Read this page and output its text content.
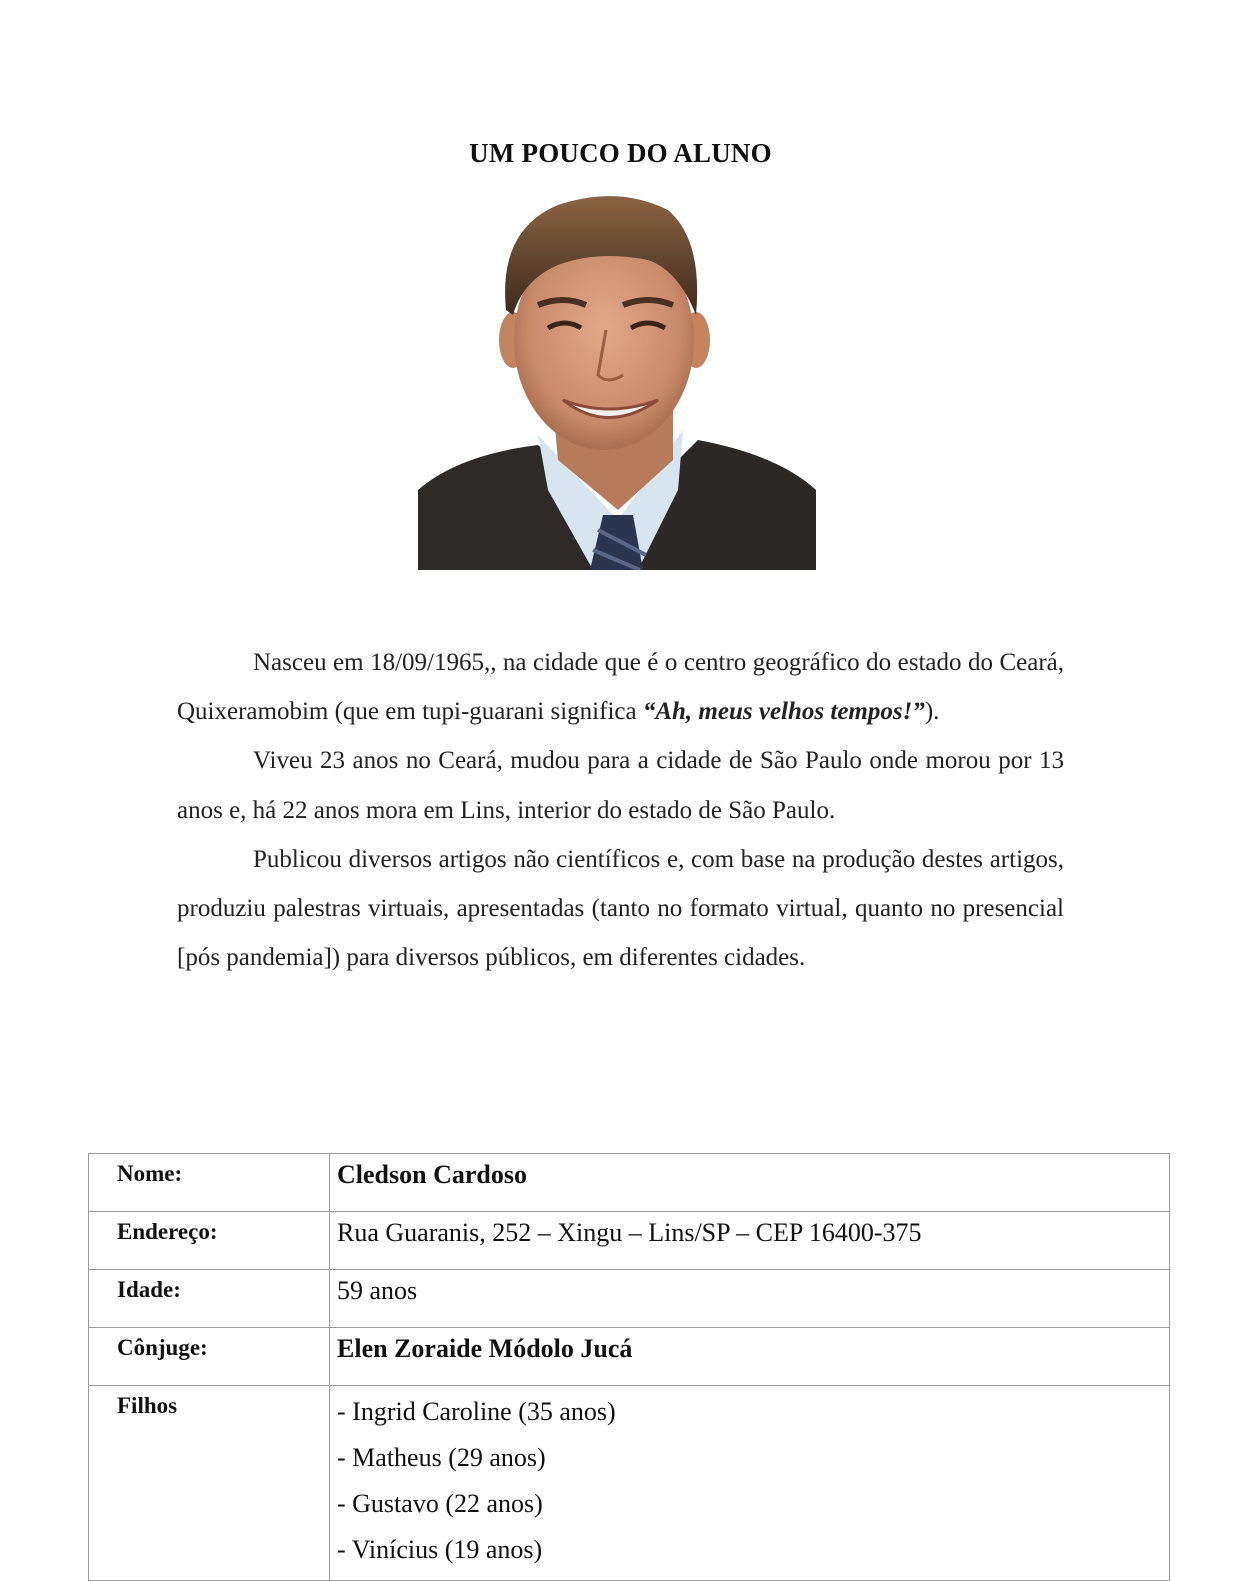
UM POUCO DO ALUNO

Nasceu em 18/09/1965,, na cidade que é o centro geográfico do estado do Ceará, Quixeramobim (que em tupi-guarani significa “Ah, meus velhos tempos!”).

Viveu 23 anos no Ceará, mudou para a cidade de São Paulo onde morou por 13 anos e, há 22 anos mora em Lins, interior do estado de São Paulo.

Publicou diversos artigos não científicos e, com base na produção destes artigos, produziu palestras virtuais, apresentadas (tanto no formato virtual, quanto no presencial [pós pandemia]) para diversos públicos, em diferentes cidades.

Nome:	Cledson Cardoso
Endereço:	Rua Guaranis, 252 – Xingu – Lins/SP – CEP 16400-375
Idade:	59 anos
Cônjuge:	Elen Zoraide Módolo Jucá
Filhos	- Ingrid Caroline (35 anos)
- Matheus (29 anos)
- Gustavo (22 anos)
- Vinícius (19 anos)
